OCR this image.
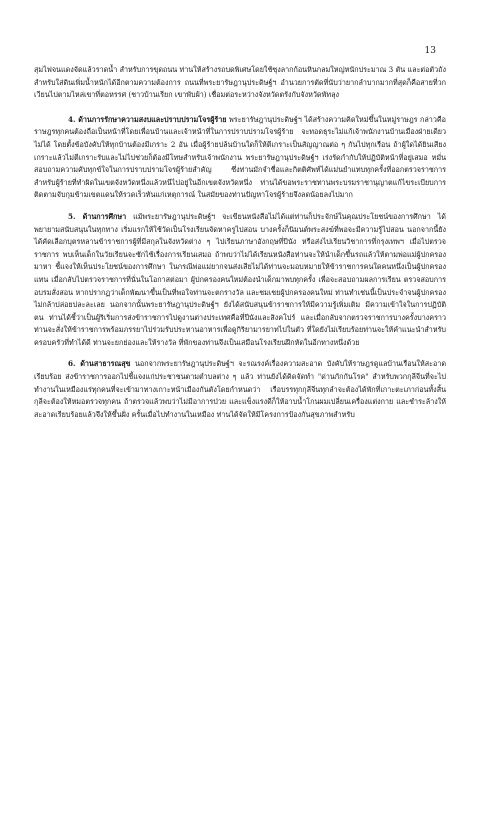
13

สุมไฟจนแดงจัดแล้วราดน้ำ สำหรับการขุดถนน ท่านให้สร้างรถบดพิเศษโดยใช้ซุงลากก้อนหินกลมใหญ่หนักประมาณ 3 ตัน และต่อตัวถังสำหรับใส่ดินเพิ่มน้ำหนักได้อีกตามความต้องการ ถนนที่พระยารัษฎานุประดิษฐ์ฯ อำนวยการตัดที่นับว่ายากลำบากมากที่สุดก็คือสายที่วกเวียนไปตามไหล่เขาที่ตอหรรศ (ชาวบ้านเรียก เขาพับผ้า) เชื่อมต่อระหว่างจังหวัดตรังกับจังหวัดพัทลุง

4. ด้านการรักษาความสงบและปราบปรามโจรผู้ร้าย พระยารัษฎานุประดิษฐ์ฯ ได้สร้างความคิดใหม่ขึ้นในหมู่ราษฎร กล่าวคือราษฎรทุกคนต้องถือเป็นหน้าที่โดยเพื่อนบ้านและเจ้าหน้าที่ในการปราบปรามโจรผู้ร้าย จะทอดธุระไม่แก้เจ้าพนักงานบ้านเมืองฝ่ายเดียวไม่ได้ โดยตั้งข้อบังคับให้ทุกบ้านต้องมีเกราะ 2 อัน เมื่อผู้ร้ายปล้นบ้านใดก็ให้ตีเกราะเป็นสัญญาณต่อ ๆ กันไปทุกเรือน ถ้าผู้ใดได้ยินเสียงเกราะแล้วไม่ตีเกราะรับและไม่ไปช่วยก็ต้องมีโทษสำหรับเจ้าพนักงาน พระยารัษฎานุประดิษฐ์ฯ เร่งรัดกำกับให้ปฏิบัติหน้าที่อยู่เสมอ หมั่นสอบถามความคับทุกข์ใจในการปราบปรามโจรผู้ร้ายสำคัญ ซึ่งท่านมักจำชื่อและกิตติศัพท์ได้แม่นยำแทบทุกครั้งที่ออกตรวจราชการ สำหรับผู้ร้ายที่ทำผิดในเขตจังหวัดหนึ่งแล้วหนีไปอยู่ในอีกเขตจังหวัดหนึ่ง ท่านได้ขอพระราชทานพระบรมราชานุญาตแก้ไขระเบียบการติดตามจับกุมข้ามเขตแดนให้รวดเร็วทันแก่เหตุการณ์ ในสมัยของท่านปัญหาโจรผู้ร้ายจึงลดน้อยลงไปมาก

5. ด้านการศึกษา แม้พระยารัษฎานุประดิษฐ์ฯ จะเขียนหนังสือไม่ได้แต่ท่านก็ประจักษ์ในคุณประโยชน์ของการศึกษา ได้พยายามสนับสนุนในทุกทาง เริ่มแรกให้ใช้วัดเป็นโรงเรียนจัดหาครูไปสอน บางครั้งก็นิมนต์พระสงฆ์ที่พอจะมีความรู้ไปสอน นอกจากนี้ยังได้คัดเลือกบุตรหลานข้าราชการผู้ที่มีสกุลในจังหวัดต่าง ๆ ไปเรียนภาษาอังกฤษที่ปีนัง หรือส่งไปเรียนวิชาการที่กรุงเทพฯ เมื่อไปตรวจราชการ พบเห็นเด็กในวัยเรียนจะซักไซ้เรื่องการเรียนเสมอ ถ้าพบว่าไม่ได้เรียนหนังสือท่านจะให้นำเด็กขึ้นรถแล้วให้ตามพ่อแม่ผู้ปกครองมาหา ชี้แจงให้เห็นประโยชน์ของการศึกษา ในกรณีพ่อแม่ยากจนส่งเสียไม่ได้ท่านจะมอบหมายให้ข้าราชการคนใดคนหนึ่งเป็นผู้ปกครองแทน เมื่อกลับไปตรวจราชการที่นั่นในโอกาสต่อมา ผู้ปกครองคนใหม่ต้องนำเด็กมาพบทุกครั้ง เพื่อจะสอบถามผลการเรียน ตรวจสอบการอบรมสั่งสอน หากปรากฏว่าเด็กพัฒนาขึ้นเป็นที่พอใจท่านจะตกรางวัล และชมเชยผู้ปกครองคนใหม่ ท่านทำเช่นนี้เป็นประจำจนผู้ปกครองไม่กล้าปล่อยปละละเลย นอกจากนั้นพระยารัษฎานุประดิษฐ์ฯ ยังได้สนับสนุนข้าราชการให้มีความรู้เพิ่มเติม มีความเข้าใจในการปฏิบัติตน ท่านได้ชี้ว่าเป็นผู้ริเริ่มการส่งข้าราชการไปดูงานต่างประเทศคือที่ปีนังและสิงคโปร์ และเมื่อกลับจากตรวจราชการบางครั้งบางคราวท่านจะสั่งให้ข้าราชการพร้อมภรรยาไปร่วมรับประทานอาหารเพื่อดูกิริยามารยาทไปในตัว ที่ใดยังไม่เรียบร้อยท่านจะให้คำแนะนำสำหรับครอบครัวที่ทำได้ดี ท่านจะยกย่องและให้รางวัล ที่พักของท่านจึงเป็นเสมือนโรงเรียนฝึกหัดในอีกทางหนึ่งด้วย

6. ด้านสาธารณสุข นอกจากพระยารัษฎานุประดิษฐ์ฯ จะรณรงค์เรื่องความสะอาด บังคับให้ราษฎรดูแลบ้านเรือนให้สะอาดเรียบร้อย ส่งข้าราชการออกไปชี้แจงแก่ประชาชนตามตำบลต่าง ๆ แล้ว ท่านยังได้คิดจัดทำ "ด่านกักกันโรค" สำหรับพวกกุลีจีนที่จะไปทำงานในเหมืองแร่ทุกคนที่จะเข้ามาทางเกาะหน้าเมืองกันตังโดยกำหนดว่า เรือบรรทุกกุลีจีนทุกลำจะต้องได้พักที่เกาะตะเภาก่อนทั้งสิ้น กุลีจะต้องให้หมอตรวจทุกคน ถ้าตรวจแล้วพบว่าไม่มีอาการป่วย และแข็งแรงดีก็ให้อาบน้ำโกนผมเปลี่ยนเครื่องแต่งกาย และชำระล้างให้สะอาดเรียบร้อยแล้วจึงให้ขึ้นฝั่ง ครั้นเมื่อไปทำงานในเหมือง ท่านได้จัดให้มีโครงการป้องกันสุขภาพสำหรับ
